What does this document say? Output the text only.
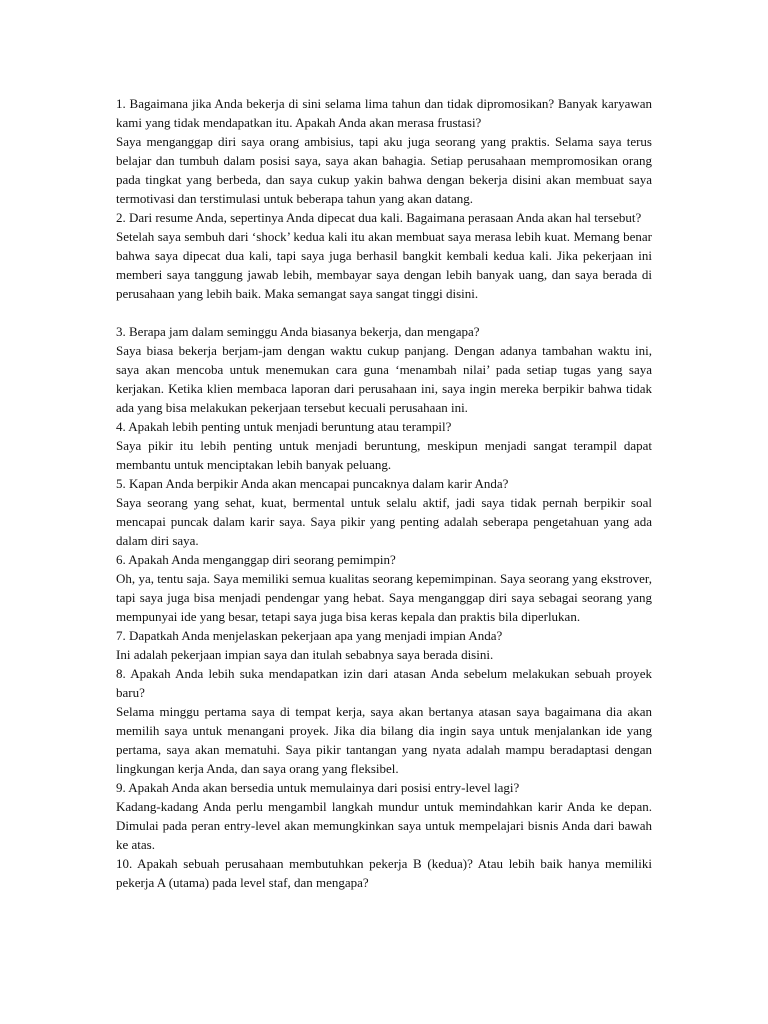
1. Bagaimana jika Anda bekerja di sini selama lima tahun dan tidak dipromosikan? Banyak karyawan kami yang tidak mendapatkan itu. Apakah Anda akan merasa frustasi?

Saya menganggap diri saya orang ambisius, tapi aku juga seorang yang praktis. Selama saya terus belajar dan tumbuh dalam posisi saya, saya akan bahagia. Setiap perusahaan mempromosikan orang pada tingkat yang berbeda, dan saya cukup yakin bahwa dengan bekerja disini akan membuat saya termotivasi dan terstimulasi untuk beberapa tahun yang akan datang.

2. Dari resume Anda, sepertinya Anda dipecat dua kali. Bagaimana perasaan Anda akan hal tersebut?

Setelah saya sembuh dari ‘shock’ kedua kali itu akan membuat saya merasa lebih kuat. Memang benar bahwa saya dipecat dua kali, tapi saya juga berhasil bangkit kembali kedua kali. Jika pekerjaan ini memberi saya tanggung jawab lebih, membayar saya dengan lebih banyak uang, dan saya berada di perusahaan yang lebih baik. Maka semangat saya sangat tinggi disini.

3. Berapa jam dalam seminggu Anda biasanya bekerja, dan mengapa?

Saya biasa bekerja berjam-jam dengan waktu cukup panjang. Dengan adanya tambahan waktu ini, saya akan mencoba untuk menemukan cara guna ‘menambah nilai’ pada setiap tugas yang saya kerjakan. Ketika klien membaca laporan dari perusahaan ini, saya ingin mereka berpikir bahwa tidak ada yang bisa melakukan pekerjaan tersebut kecuali perusahaan ini.

4. Apakah lebih penting untuk menjadi beruntung atau terampil?

Saya pikir itu lebih penting untuk menjadi beruntung, meskipun menjadi sangat terampil dapat membantu untuk menciptakan lebih banyak peluang.

5. Kapan Anda berpikir Anda akan mencapai puncaknya dalam karir Anda?

Saya seorang yang sehat, kuat, bermental untuk selalu aktif, jadi saya tidak pernah berpikir soal mencapai puncak dalam karir saya. Saya pikir yang penting adalah seberapa pengetahuan yang ada dalam diri saya.

6. Apakah Anda menganggap diri seorang pemimpin?

Oh, ya, tentu saja. Saya memiliki semua kualitas seorang kepemimpinan. Saya seorang yang ekstrover, tapi saya juga bisa menjadi pendengar yang hebat. Saya menganggap diri saya sebagai seorang yang mempunyai ide yang besar, tetapi saya juga bisa keras kepala dan praktis bila diperlukan.

7. Dapatkah Anda menjelaskan pekerjaan apa yang menjadi impian Anda?

Ini adalah pekerjaan impian saya dan itulah sebabnya saya berada disini.

8. Apakah Anda lebih suka mendapatkan izin dari atasan Anda sebelum melakukan sebuah proyek baru?

Selama minggu pertama saya di tempat kerja, saya akan bertanya atasan saya bagaimana dia akan memilih saya untuk menangani proyek. Jika dia bilang dia ingin saya untuk menjalankan ide yang pertama, saya akan mematuhi. Saya pikir tantangan yang nyata adalah mampu beradaptasi dengan lingkungan kerja Anda, dan saya orang yang fleksibel.

9. Apakah Anda akan bersedia untuk memulainya dari posisi entry-level lagi?

Kadang-kadang Anda perlu mengambil langkah mundur untuk memindahkan karir Anda ke depan. Dimulai pada peran entry-level akan memungkinkan saya untuk mempelajari bisnis Anda dari bawah ke atas.

10. Apakah sebuah perusahaan membutuhkan pekerja B (kedua)? Atau lebih baik hanya memiliki pekerja A (utama) pada level staf, dan mengapa?
